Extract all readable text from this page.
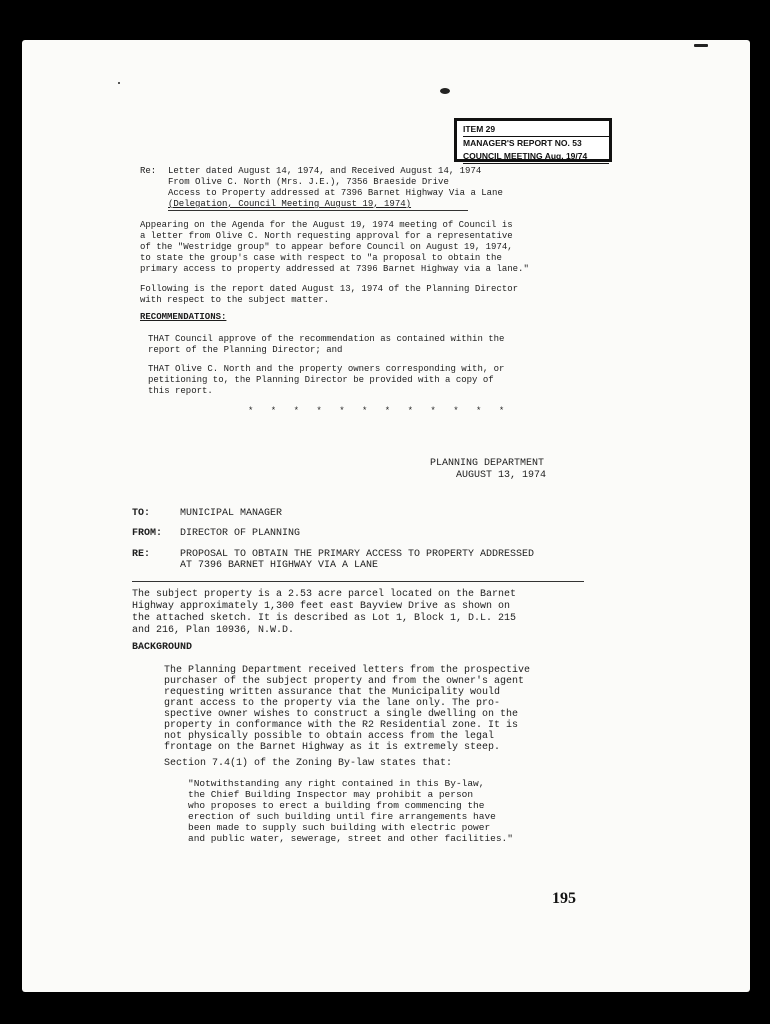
ITEM 29
MANAGER'S REPORT NO. 53
COUNCIL MEETING Aug. 19/74
Re: Letter dated August 14, 1974, and Received August 14, 1974
From Olive C. North (Mrs. J.E.), 7356 Braeside Drive
Access to Property addressed at 7396 Barnet Highway Via a Lane
(Delegation, Council Meeting August 19, 1974)
Appearing on the Agenda for the August 19, 1974 meeting of Council is
a letter from Olive C. North requesting approval for a representative
of the "Westridge group" to appear before Council on August 19, 1974,
to state the group's case with respect to "a proposal to obtain the
primary access to property addressed at 7396 Barnet Highway via a lane."
Following is the report dated August 13, 1974 of the Planning Director
with respect to the subject matter.
RECOMMENDATIONS:
THAT Council approve of the recommendation as contained within the
report of the Planning Director; and
THAT Olive C. North and the property owners corresponding with, or
petitioning to, the Planning Director be provided with a copy of
this report.
* * * * * * * * * * * *
PLANNING DEPARTMENT
AUGUST 13, 1974
TO:	MUNICIPAL MANAGER
FROM: DIRECTOR OF PLANNING
RE:	PROPOSAL TO OBTAIN THE PRIMARY ACCESS TO PROPERTY ADDRESSED
AT 7396 BARNET HIGHWAY VIA A LANE
The subject property is a 2.53 acre parcel located on the Barnet
Highway approximately 1,300 feet east Bayview Drive as shown on
the attached sketch. It is described as Lot 1, Block 1, D.L. 215
and 216, Plan 10936, N.W.D.
BACKGROUND
The Planning Department received letters from the prospective
purchaser of the subject property and from the owner's agent
requesting written assurance that the Municipality would
grant access to the property via the lane only. The pro-
spective owner wishes to construct a single dwelling on the
property in conformance with the R2 Residential zone. It is
not physically possible to obtain access from the legal
frontage on the Barnet Highway as it is extremely steep.
Section 7.4(1) of the Zoning By-law states that:
"Notwithstanding any right contained in this By-law,
the Chief Building Inspector may prohibit a person
who proposes to erect a building from commencing the
erection of such building until fire arrangements have
been made to supply such building with electric power
and public water, sewerage, street and other facilities."
195
